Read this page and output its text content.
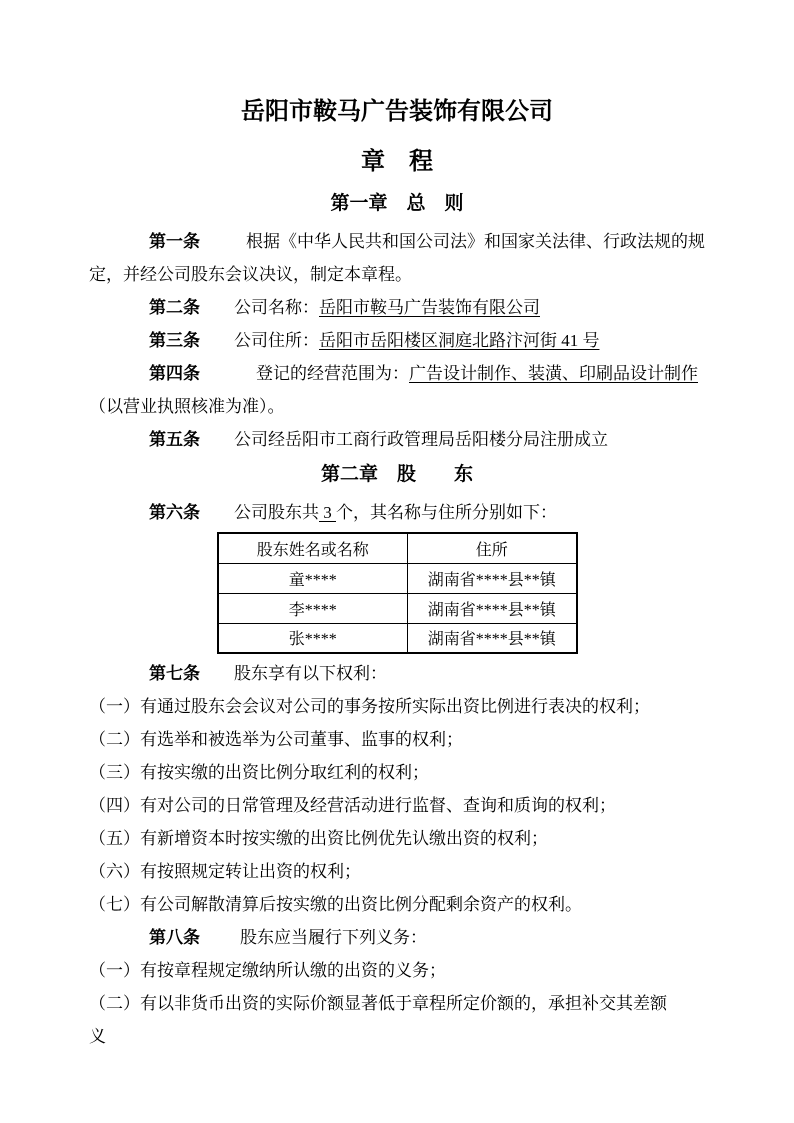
岳阳市鞍马广告装饰有限公司
章　程
第一章　总　则

第一条	根据《中华人民共和国公司法》和国家关法律、行政法规的规

定，并经公司股东会议决议，制定本章程。

第二条 公司名称：岳阳市鞍马广告装饰有限公司

第三条 公司住所：岳阳市岳阳楼区洞庭北路汴河街 41 号

第四条	登记的经营范围为：广告设计制作、装潢、印刷品设计制作

（以营业执照核准为准）。

第五条 公司经岳阳市工商行政管理局岳阳楼分局注册成立

第二章　股　　东

第六条 公司股东共 3 个，其名称与住所分别如下：

股东姓名或名称	住所
童****	湖南省****县**镇
李****	湖南省****县**镇
张****	湖南省****县**镇

第七条 股东享有以下权利：

（一）有通过股东会会议对公司的事务按所实际出资比例进行表决的权利；

（二）有选举和被选举为公司董事、监事的权利；

（三）有按实缴的出资比例分取红利的权利；

（四）有对公司的日常管理及经营活动进行监督、查询和质询的权利；

（五）有新增资本时按实缴的出资比例优先认缴出资的权利；

（六）有按照规定转让出资的权利；

（七）有公司解散清算后按实缴的出资比例分配剩余资产的权利。

第八条 股东应当履行下列义务：

（一）有按章程规定缴纳所认缴的出资的义务；

（二）有以非货币出资的实际价额显著低于章程所定价额的，承担补交其差额

义
